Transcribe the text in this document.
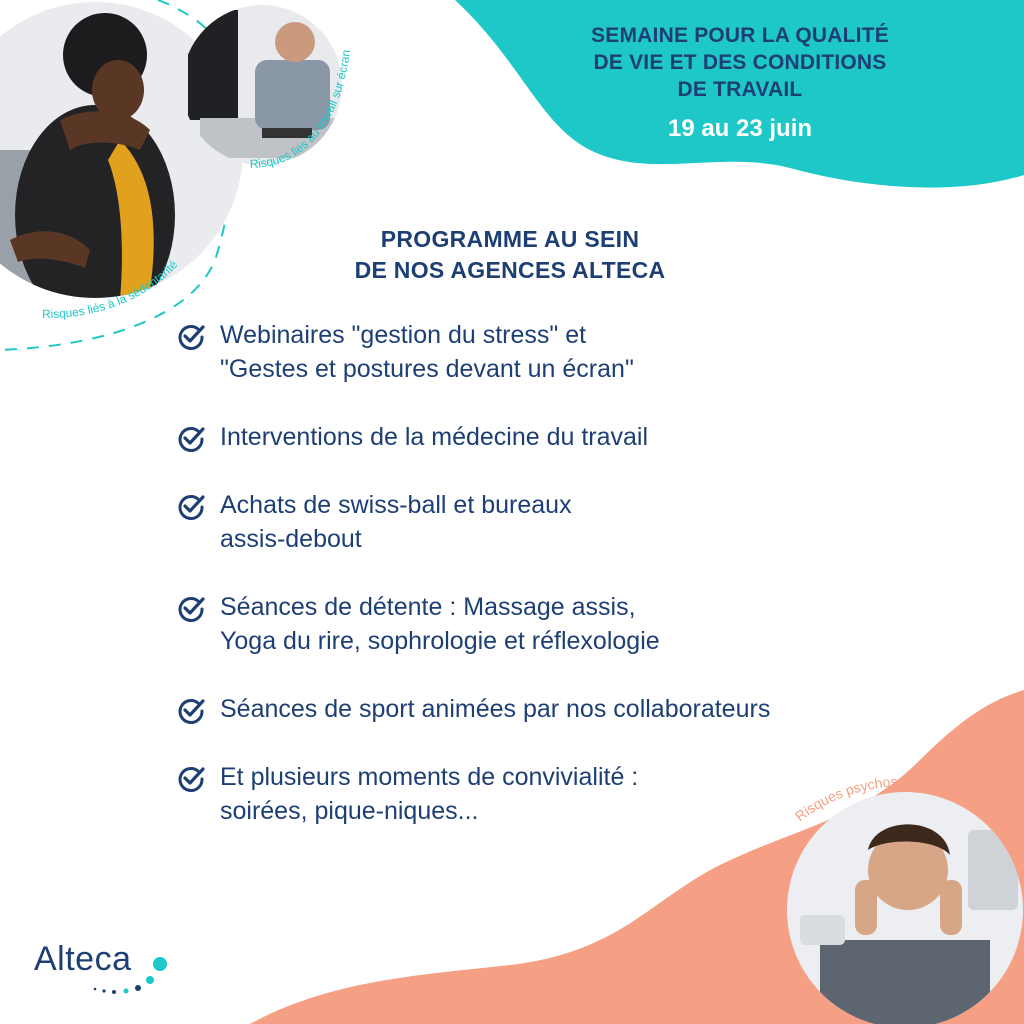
Risques liés à la sédentarité
Risques liés au travail sur écran
Risques psychosociaux
SEMAINE POUR LA QUALITÉ
DE VIE ET DES CONDITIONS
DE TRAVAIL
19 au 23 juin
PROGRAMME AU SEIN
DE NOS AGENCES ALTECA
Webinaires "gestion du stress" et
"Gestes et postures devant un écran"
Interventions de la médecine du travail
Achats de swiss-ball et bureaux
assis-debout
Séances de détente : Massage assis,
Yoga du rire, sophrologie et réflexologie
Séances de sport animées par nos collaborateurs
Et plusieurs moments de convivialité :
soirées, pique-niques...
Alteca
